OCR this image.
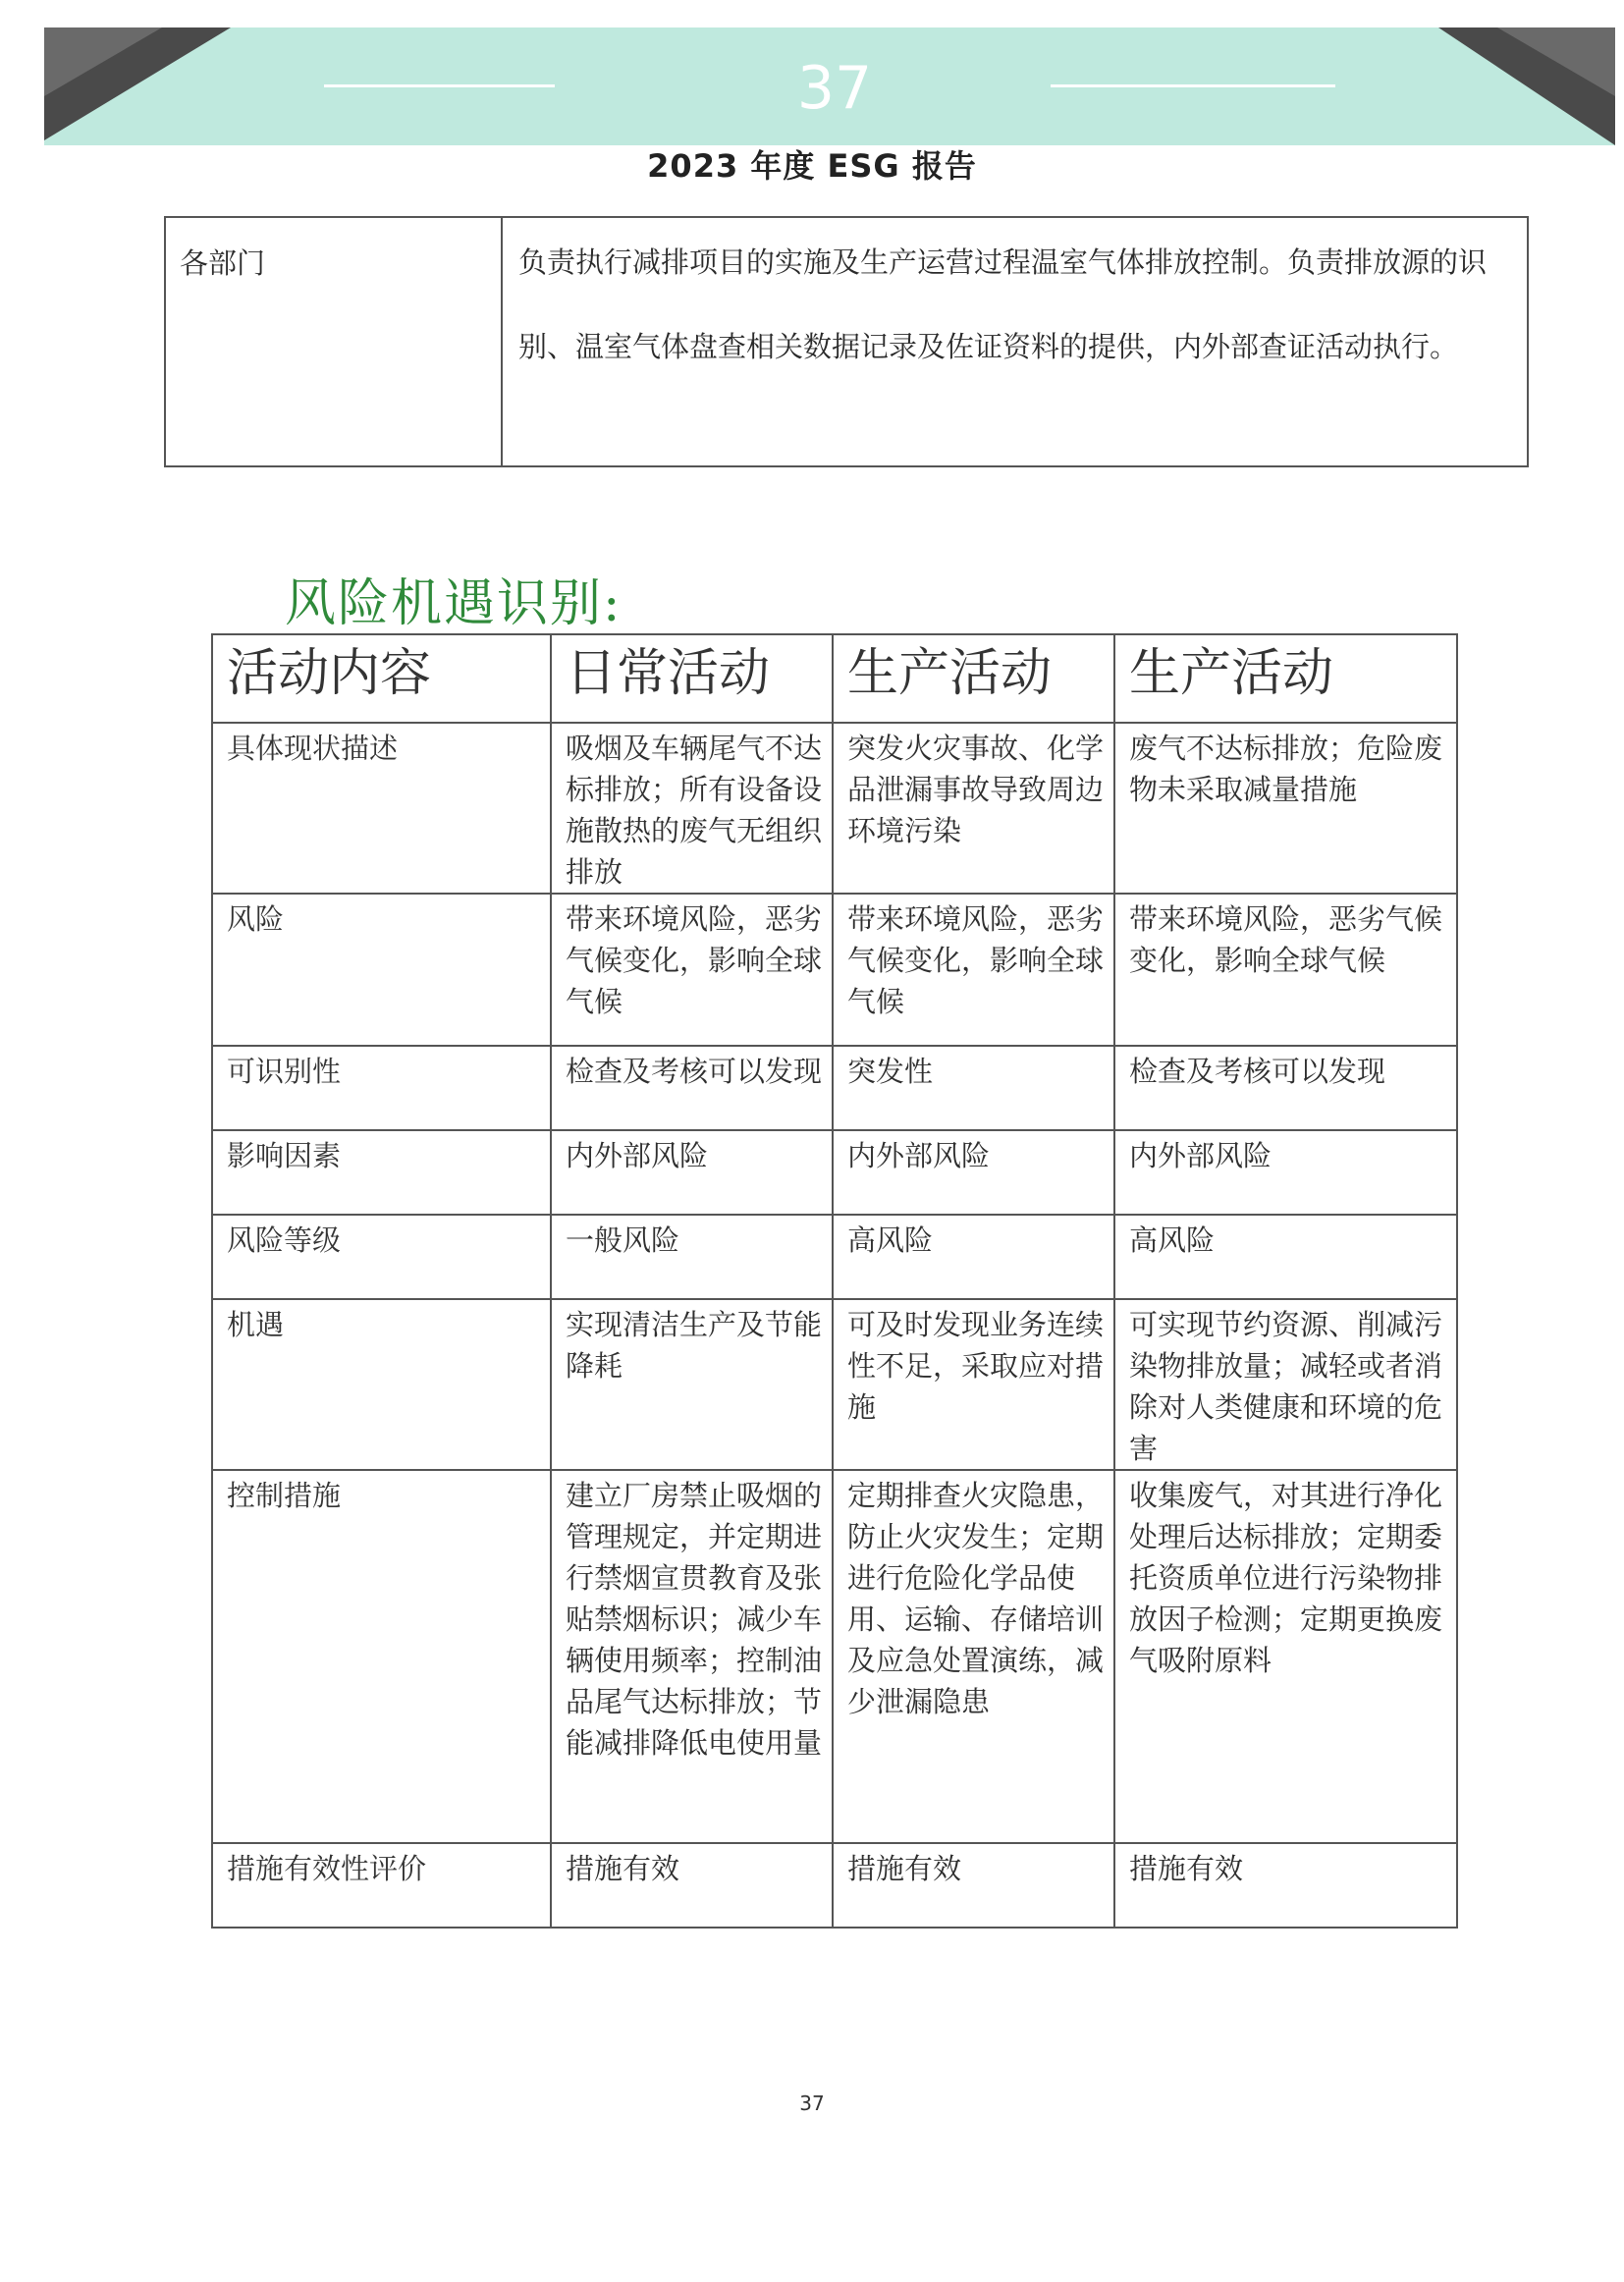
37
2023 年度 ESG 报告
各部门	负责执行减排项目的实施及生产运营过程温室气体排放控制。负责排放源的识别、温室气体盘查相关数据记录及佐证资料的提供，内外部查证活动执行。
风险机遇识别:
活动内容	日常活动	生产活动	生产活动
具体现状描述	吸烟及车辆尾气不达标排放；所有设备设施散热的废气无组织排放	突发火灾事故、化学品泄漏事故导致周边环境污染	废气不达标排放；危险废物未采取减量措施
风险	带来环境风险，恶劣气候变化，影响全球气候	带来环境风险，恶劣气候变化，影响全球气候	带来环境风险，恶劣气候变化，影响全球气候
可识别性	检查及考核可以发现	突发性	检查及考核可以发现
影响因素	内外部风险	内外部风险	内外部风险
风险等级	一般风险	高风险	高风险
机遇	实现清洁生产及节能降耗	可及时发现业务连续性不足，采取应对措施	可实现节约资源、削减污染物排放量；减轻或者消除对人类健康和环境的危害
控制措施	建立厂房禁止吸烟的管理规定，并定期进行禁烟宣贯教育及张贴禁烟标识；减少车辆使用频率；控制油品尾气达标排放；节能减排降低电使用量	定期排查火灾隐患，防止火灾发生；定期进行危险化学品使用、运输、存储培训及应急处置演练，减少泄漏隐患	收集废气，对其进行净化处理后达标排放；定期委托资质单位进行污染物排放因子检测；定期更换废气吸附原料
措施有效性评价	措施有效	措施有效	措施有效
37
